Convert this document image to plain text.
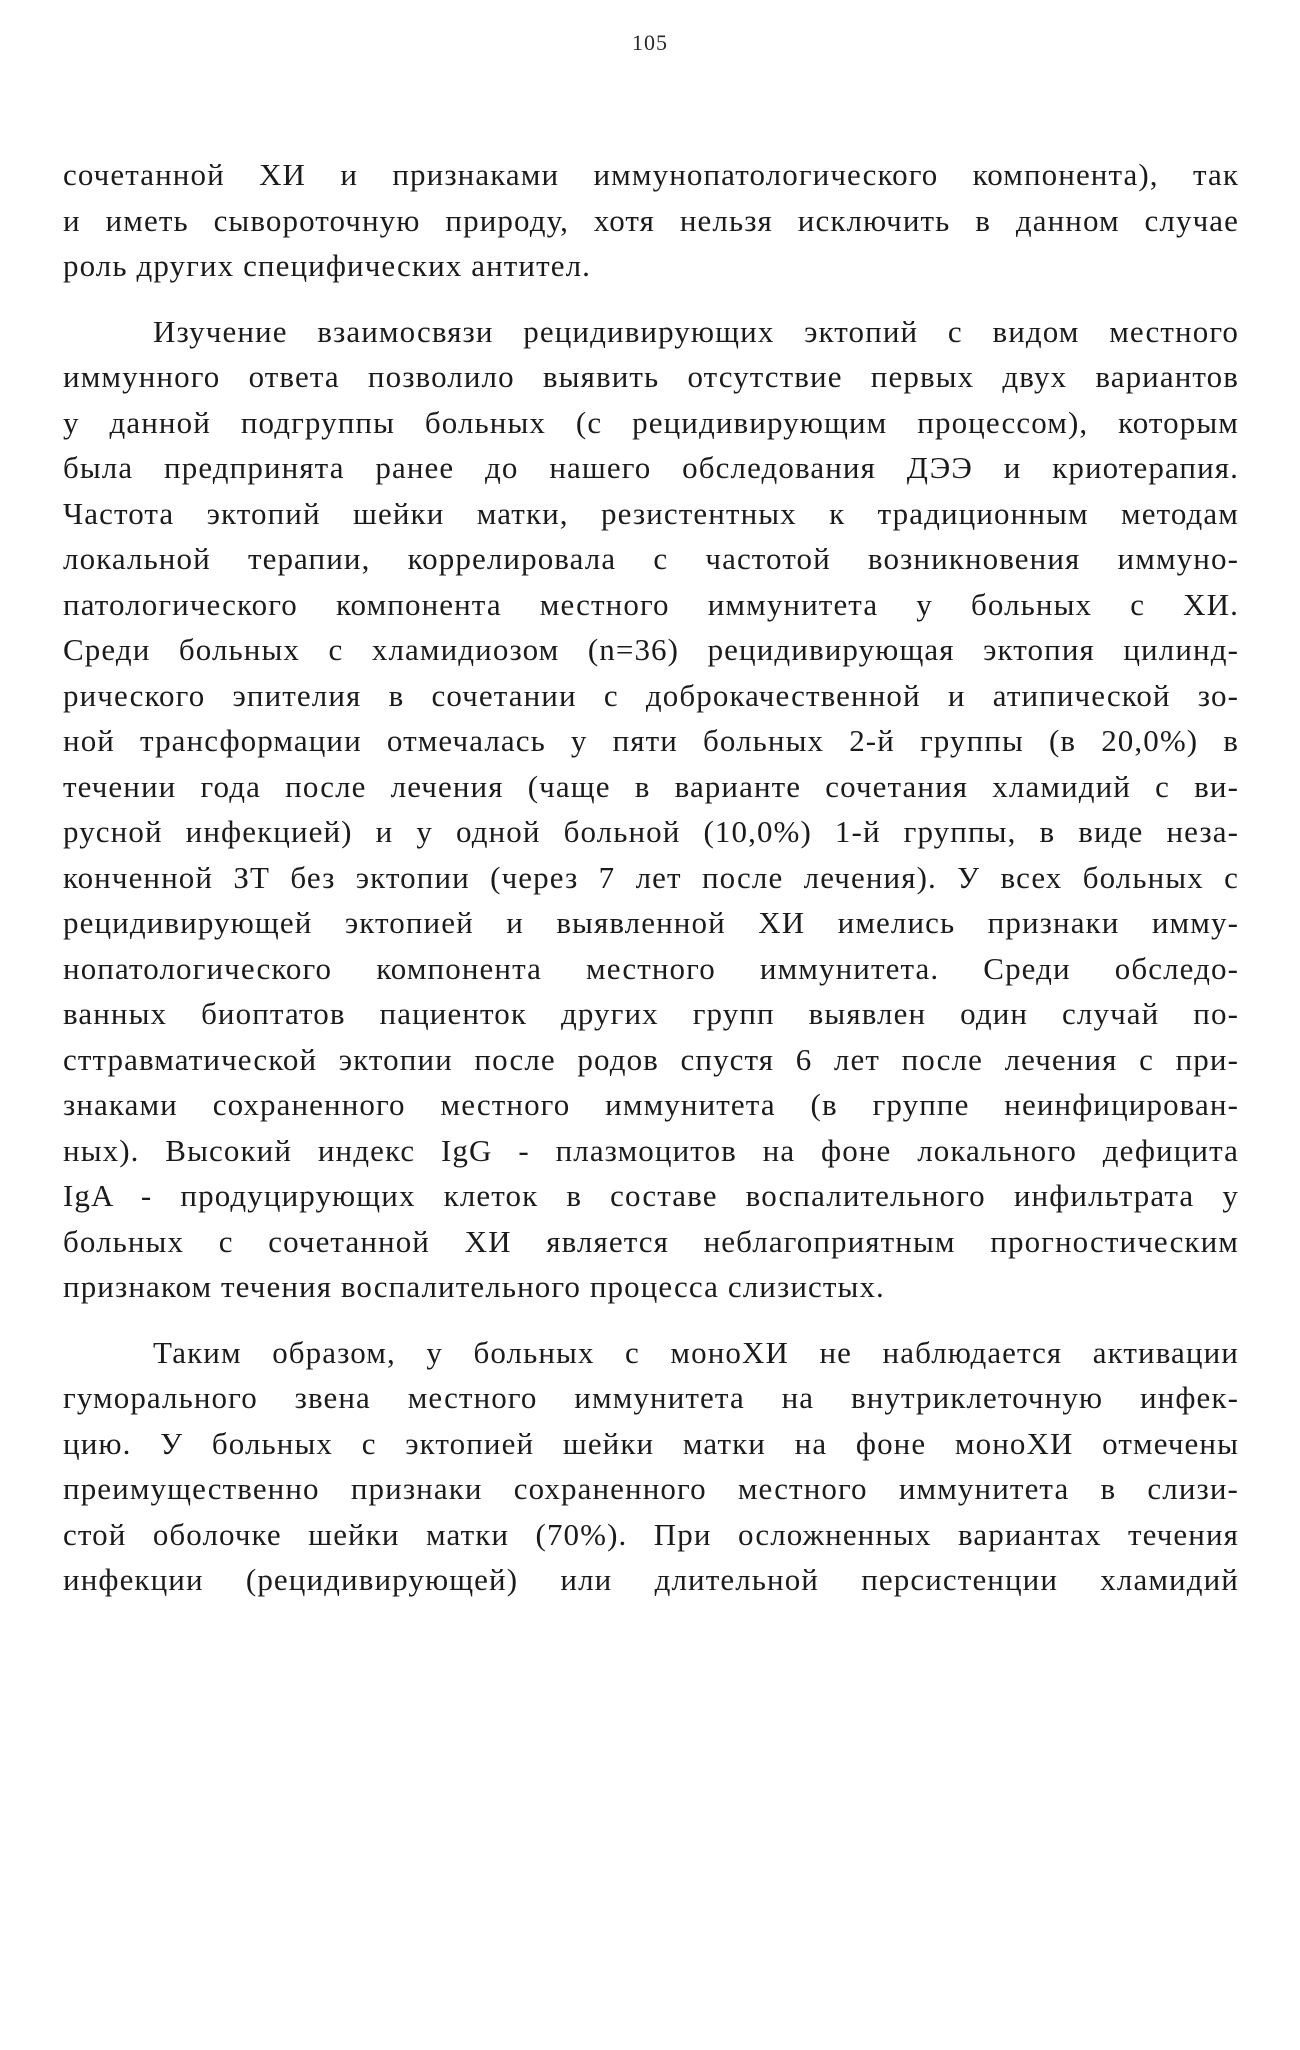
105
сочетанной ХИ и признаками иммунопатологического компонента), так
и иметь сывороточную природу, хотя нельзя исключить в данном случае
роль других специфических антител.
Изучение взаимосвязи рецидивирующих эктопий с видом местного
иммунного ответа позволило выявить отсутствие первых двух вариантов
у данной подгруппы больных (с рецидивирующим процессом), которым
была предпринята ранее до нашего обследования ДЭЭ и криотерапия.
Частота эктопий шейки матки, резистентных к традиционным методам
локальной терапии, коррелировала с частотой возникновения иммуно-
патологического компонента местного иммунитета у больных с ХИ.
Среди больных с хламидиозом (n=36) рецидивирующая эктопия цилинд-
рического эпителия в сочетании с доброкачественной и атипической зо-
ной трансформации отмечалась у пяти больных 2-й группы (в 20,0%) в
течении года после лечения (чаще в варианте сочетания хламидий с ви-
русной инфекцией) и у одной больной (10,0%) 1-й группы, в виде неза-
конченной ЗТ без эктопии (через 7 лет после лечения). У всех больных с
рецидивирующей эктопией и выявленной ХИ имелись признаки имму-
нопатологического компонента местного иммунитета. Среди обследо-
ванных биоптатов пациенток других групп выявлен один случай по-
сттравматической эктопии после родов спустя 6 лет после лечения с при-
знаками сохраненного местного иммунитета (в группе неинфицирован-
ных). Высокий индекс IgG - плазмоцитов на фоне локального дефицита
IgA - продуцирующих клеток в составе воспалительного инфильтрата у
больных с сочетанной ХИ является неблагоприятным прогностическим
признаком течения воспалительного процесса слизистых.
Таким образом, у больных с моноХИ не наблюдается активации
гуморального звена местного иммунитета на внутриклеточную инфек-
цию. У больных с эктопией шейки матки на фоне моноХИ отмечены
преимущественно признаки сохраненного местного иммунитета в слизи-
стой оболочке шейки матки (70%). При осложненных вариантах течения
инфекции (рецидивирующей) или длительной персистенции хламидий
